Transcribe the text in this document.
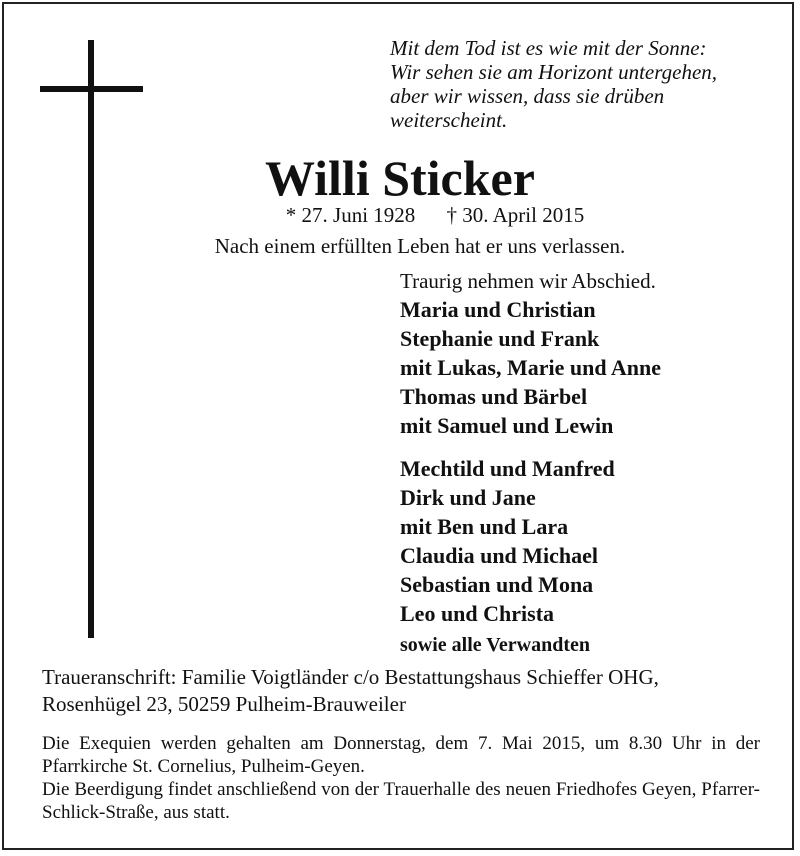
Mit dem Tod ist es wie mit der Sonne:
Wir sehen sie am Horizont untergehen,
aber wir wissen, dass sie drüben
weiterscheint.
Willi Sticker
* 27. Juni 1928 † 30. April 2015
Nach einem erfüllten Leben hat er uns verlassen.

Traurig nehmen wir Abschied.

Maria und Christian
Stephanie und Frank
mit Lukas, Marie und Anne
Thomas und Bärbel
mit Samuel und Lewin
Mechtild und Manfred
Dirk und Jane
mit Ben und Lara
Claudia und Michael
Sebastian und Mona
Leo und Christa

sowie alle Verwandten

Traueranschrift: Familie Voigtländer c/o Bestattungshaus Schieffer OHG,
Rosenhügel 23, 50259 Pulheim-Brauweiler

Die Exequien werden gehalten am Donnerstag, dem 7. Mai 2015, um 8.30 Uhr in der Pfarrkirche St. Cornelius, Pulheim-Geyen.

Die Beerdigung findet anschließend von der Trauerhalle des neuen Friedhofes Geyen, Pfarrer-Schlick-Straße, aus statt.
